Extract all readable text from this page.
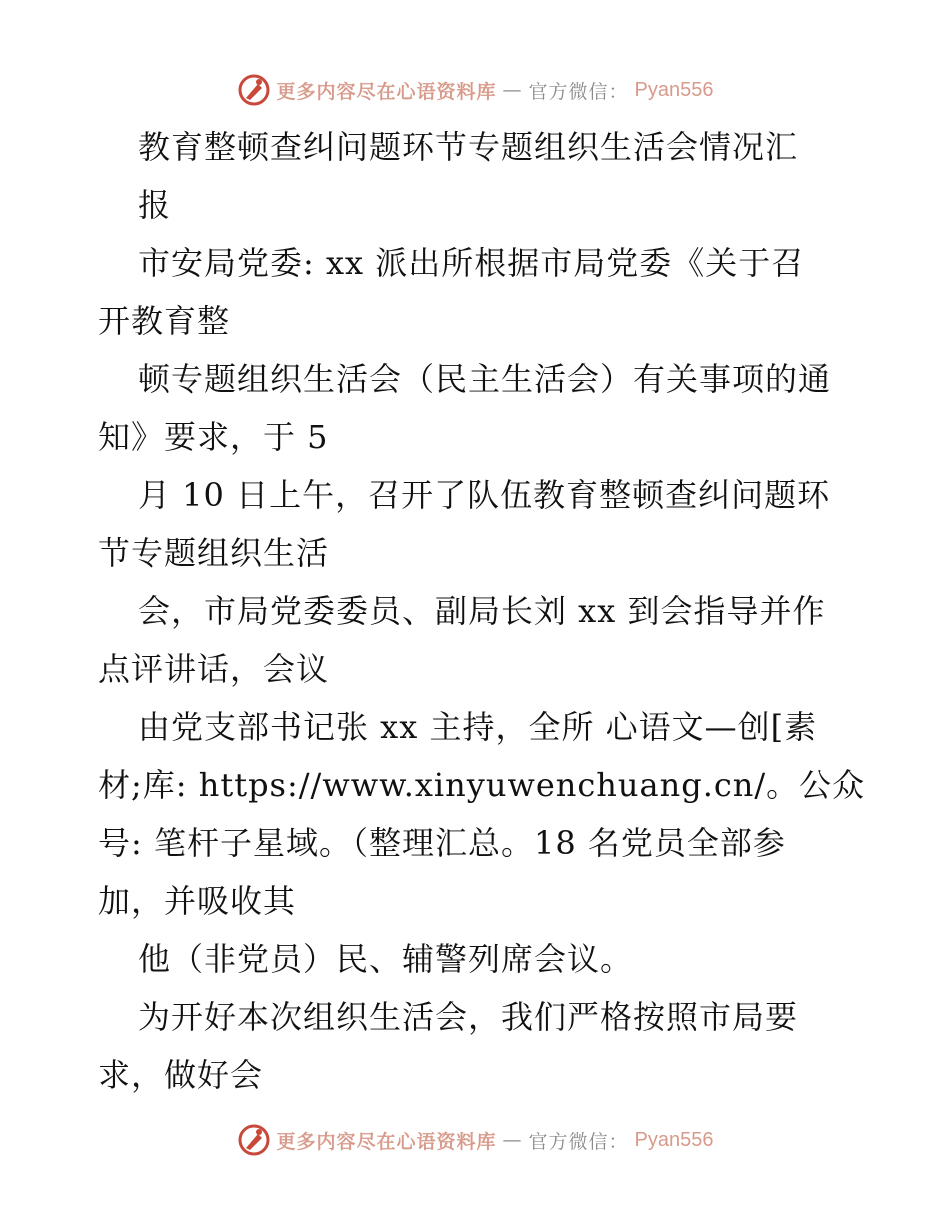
更多内容尽在心语资料库 — 官方微信： Pyan556
教育整顿查纠问题环节专题组织生活会情况汇
报
市安局党委: xx 派出所根据市局党委《关于召
开教育整
顿专题组织生活会（民主生活会）有关事项的通
知》要求，于 5
月 10 日上午，召开了队伍教育整顿查纠问题环
节专题组织生活
会，市局党委委员、副局长刘 xx 到会指导并作
点评讲话，会议
由党支部书记张 xx 主持，全所 心语文—创[素
材;库: https://www.xinyuwenchuang.cn/。公众
号: 笔杆子星域。（整理汇总。18 名党员全部参
加，并吸收其
他（非党员）民、辅警列席会议。
为开好本次组织生活会，我们严格按照市局要
求，做好会
更多内容尽在心语资料库 — 官方微信： Pyan556
